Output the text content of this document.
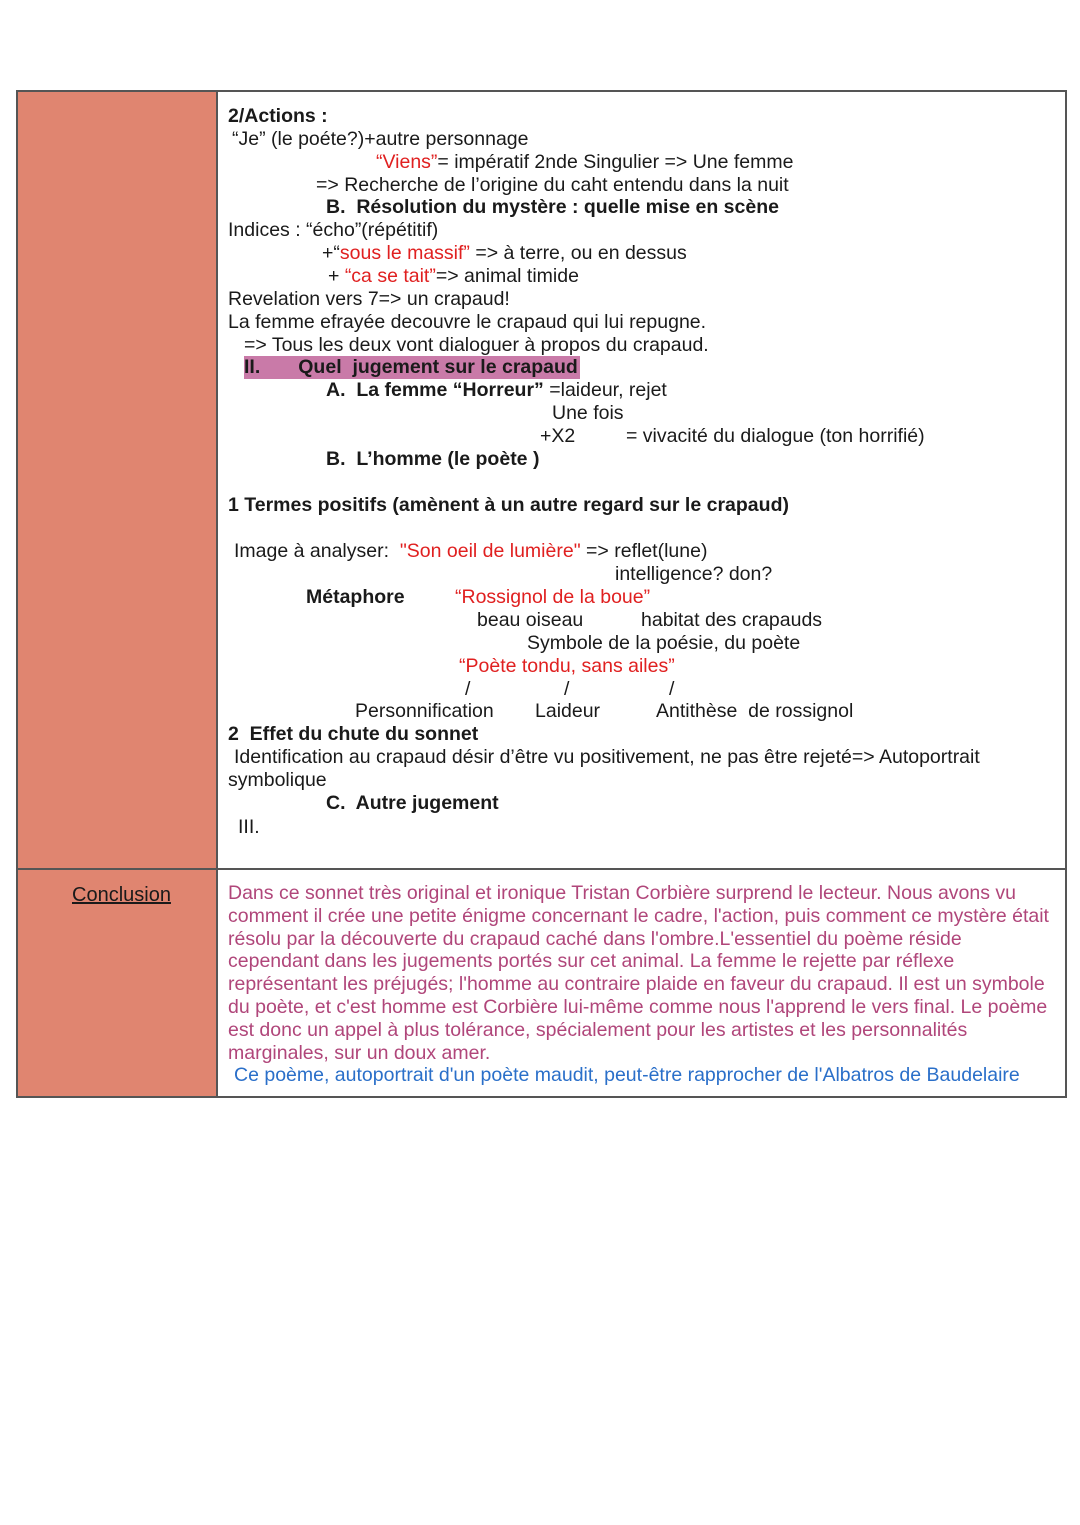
2/Actions :
“Je” (le poéte?)+autre personnage
“Viens”= impératif 2nde Singulier => Une femme
=> Recherche de l’origine du caht entendu dans la nuit
B.  Résolution du mystère : quelle mise en scène
Indices : “écho”(répétitif)
+“sous le massif” => à terre, ou en dessus
+ “ca se tait”=> animal timide
Revelation vers 7=> un crapaud!
La femme efrayée decouvre le crapaud qui lui repugne.
=> Tous les deux vont dialoguer à propos du crapaud.
II. Quel  jugement sur le crapaud
A.  La femme “Horreur” =laideur, rejet
Une fois
+X2	= vivacité du dialogue (ton horrifié)
B.  L’homme (le poète )
1 Termes positifs (amènent à un autre regard sur le crapaud)
Image à analyser:  "Son oeil de lumière" => reflet(lune)
intelligence? don?
Métaphore	“Rossignol de la boue”
beau oiseau	habitat des crapauds
Symbole de la poésie, du poète
“Poète tondu, sans ailes”
/	/	/
Personnification Laideur	Antithèse  de rossignol
2  Effet du chute du sonnet
Identification au crapaud désir d’être vu positivement, ne pas être rejeté=> Autoportrait
symbolique
C.  Autre jugement
III.
Conclusion	Dans ce sonnet très original et ironique Tristan Corbière surprend le lecteur. Nous avons vu comment il crée une petite énigme concernant le cadre, l'action, puis comment ce mystère était résolu par la découverte du crapaud caché dans l'ombre.L'essentiel du poème réside cependant dans les jugements portés sur cet animal. La femme le rejette par réflexe représentant les préjugés; l'homme au contraire plaide en faveur du crapaud. Il est un symbole du poète, et c'est homme est Corbière lui-même comme nous l'apprend le vers final. Le poème est donc un appel à plus tolérance, spécialement pour les artistes et les personnalités marginales, sur un doux amer.
Ce poème, autoportrait d'un poète maudit, peut-être rapprocher de l'Albatros de Baudelaire
